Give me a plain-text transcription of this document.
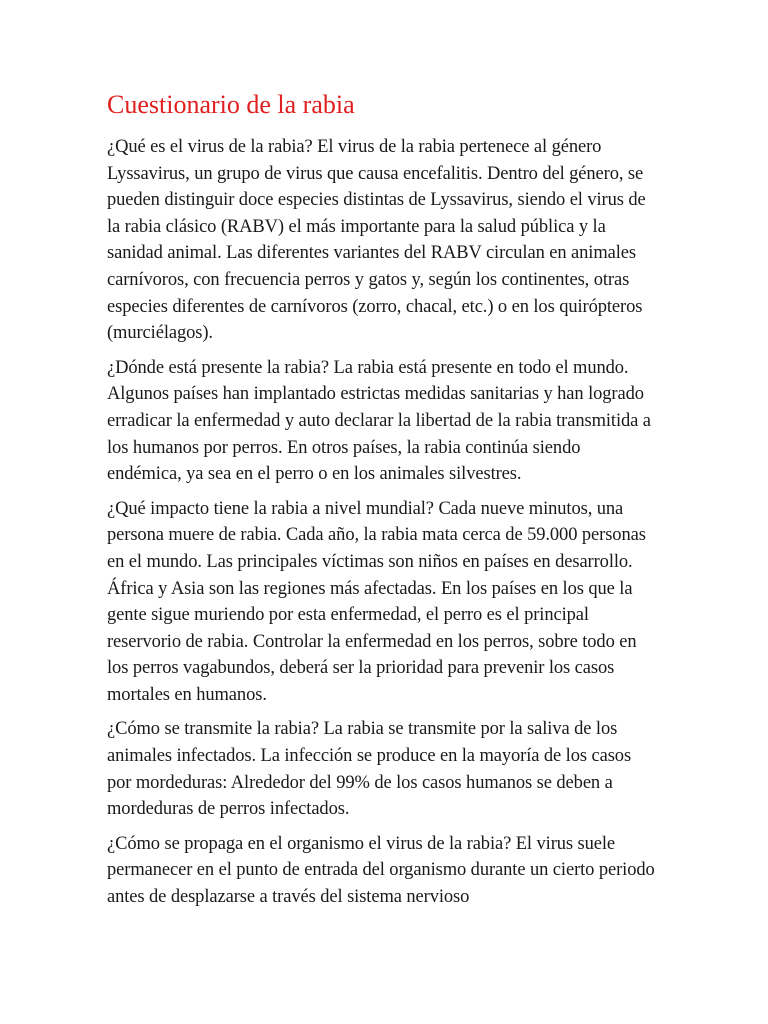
Cuestionario de la rabia

¿Qué es el virus de la rabia? El virus de la rabia pertenece al género Lyssavirus, un grupo de virus que causa encefalitis. Dentro del género, se pueden distinguir doce especies distintas de Lyssavirus, siendo el virus de la rabia clásico (RABV) el más importante para la salud pública y la sanidad animal. Las diferentes variantes del RABV circulan en animales carnívoros, con frecuencia perros y gatos y, según los continentes, otras especies diferentes de carnívoros (zorro, chacal, etc.) o en los quirópteros (murciélagos).

¿Dónde está presente la rabia? La rabia está presente en todo el mundo. Algunos países han implantado estrictas medidas sanitarias y han logrado erradicar la enfermedad y auto declarar la libertad de la rabia transmitida a los humanos por perros. En otros países, la rabia continúa siendo endémica, ya sea en el perro o en los animales silvestres.

¿Qué impacto tiene la rabia a nivel mundial? Cada nueve minutos, una persona muere de rabia. Cada año, la rabia mata cerca de 59.000 personas en el mundo. Las principales víctimas son niños en países en desarrollo. África y Asia son las regiones más afectadas. En los países en los que la gente sigue muriendo por esta enfermedad, el perro es el principal reservorio de rabia. Controlar la enfermedad en los perros, sobre todo en los perros vagabundos, deberá ser la prioridad para prevenir los casos mortales en humanos.

¿Cómo se transmite la rabia? La rabia se transmite por la saliva de los animales infectados. La infección se produce en la mayoría de los casos por mordeduras: Alrededor del 99% de los casos humanos se deben a mordeduras de perros infectados.

¿Cómo se propaga en el organismo el virus de la rabia? El virus suele permanecer en el punto de entrada del organismo durante un cierto periodo antes de desplazarse a través del sistema nervioso
